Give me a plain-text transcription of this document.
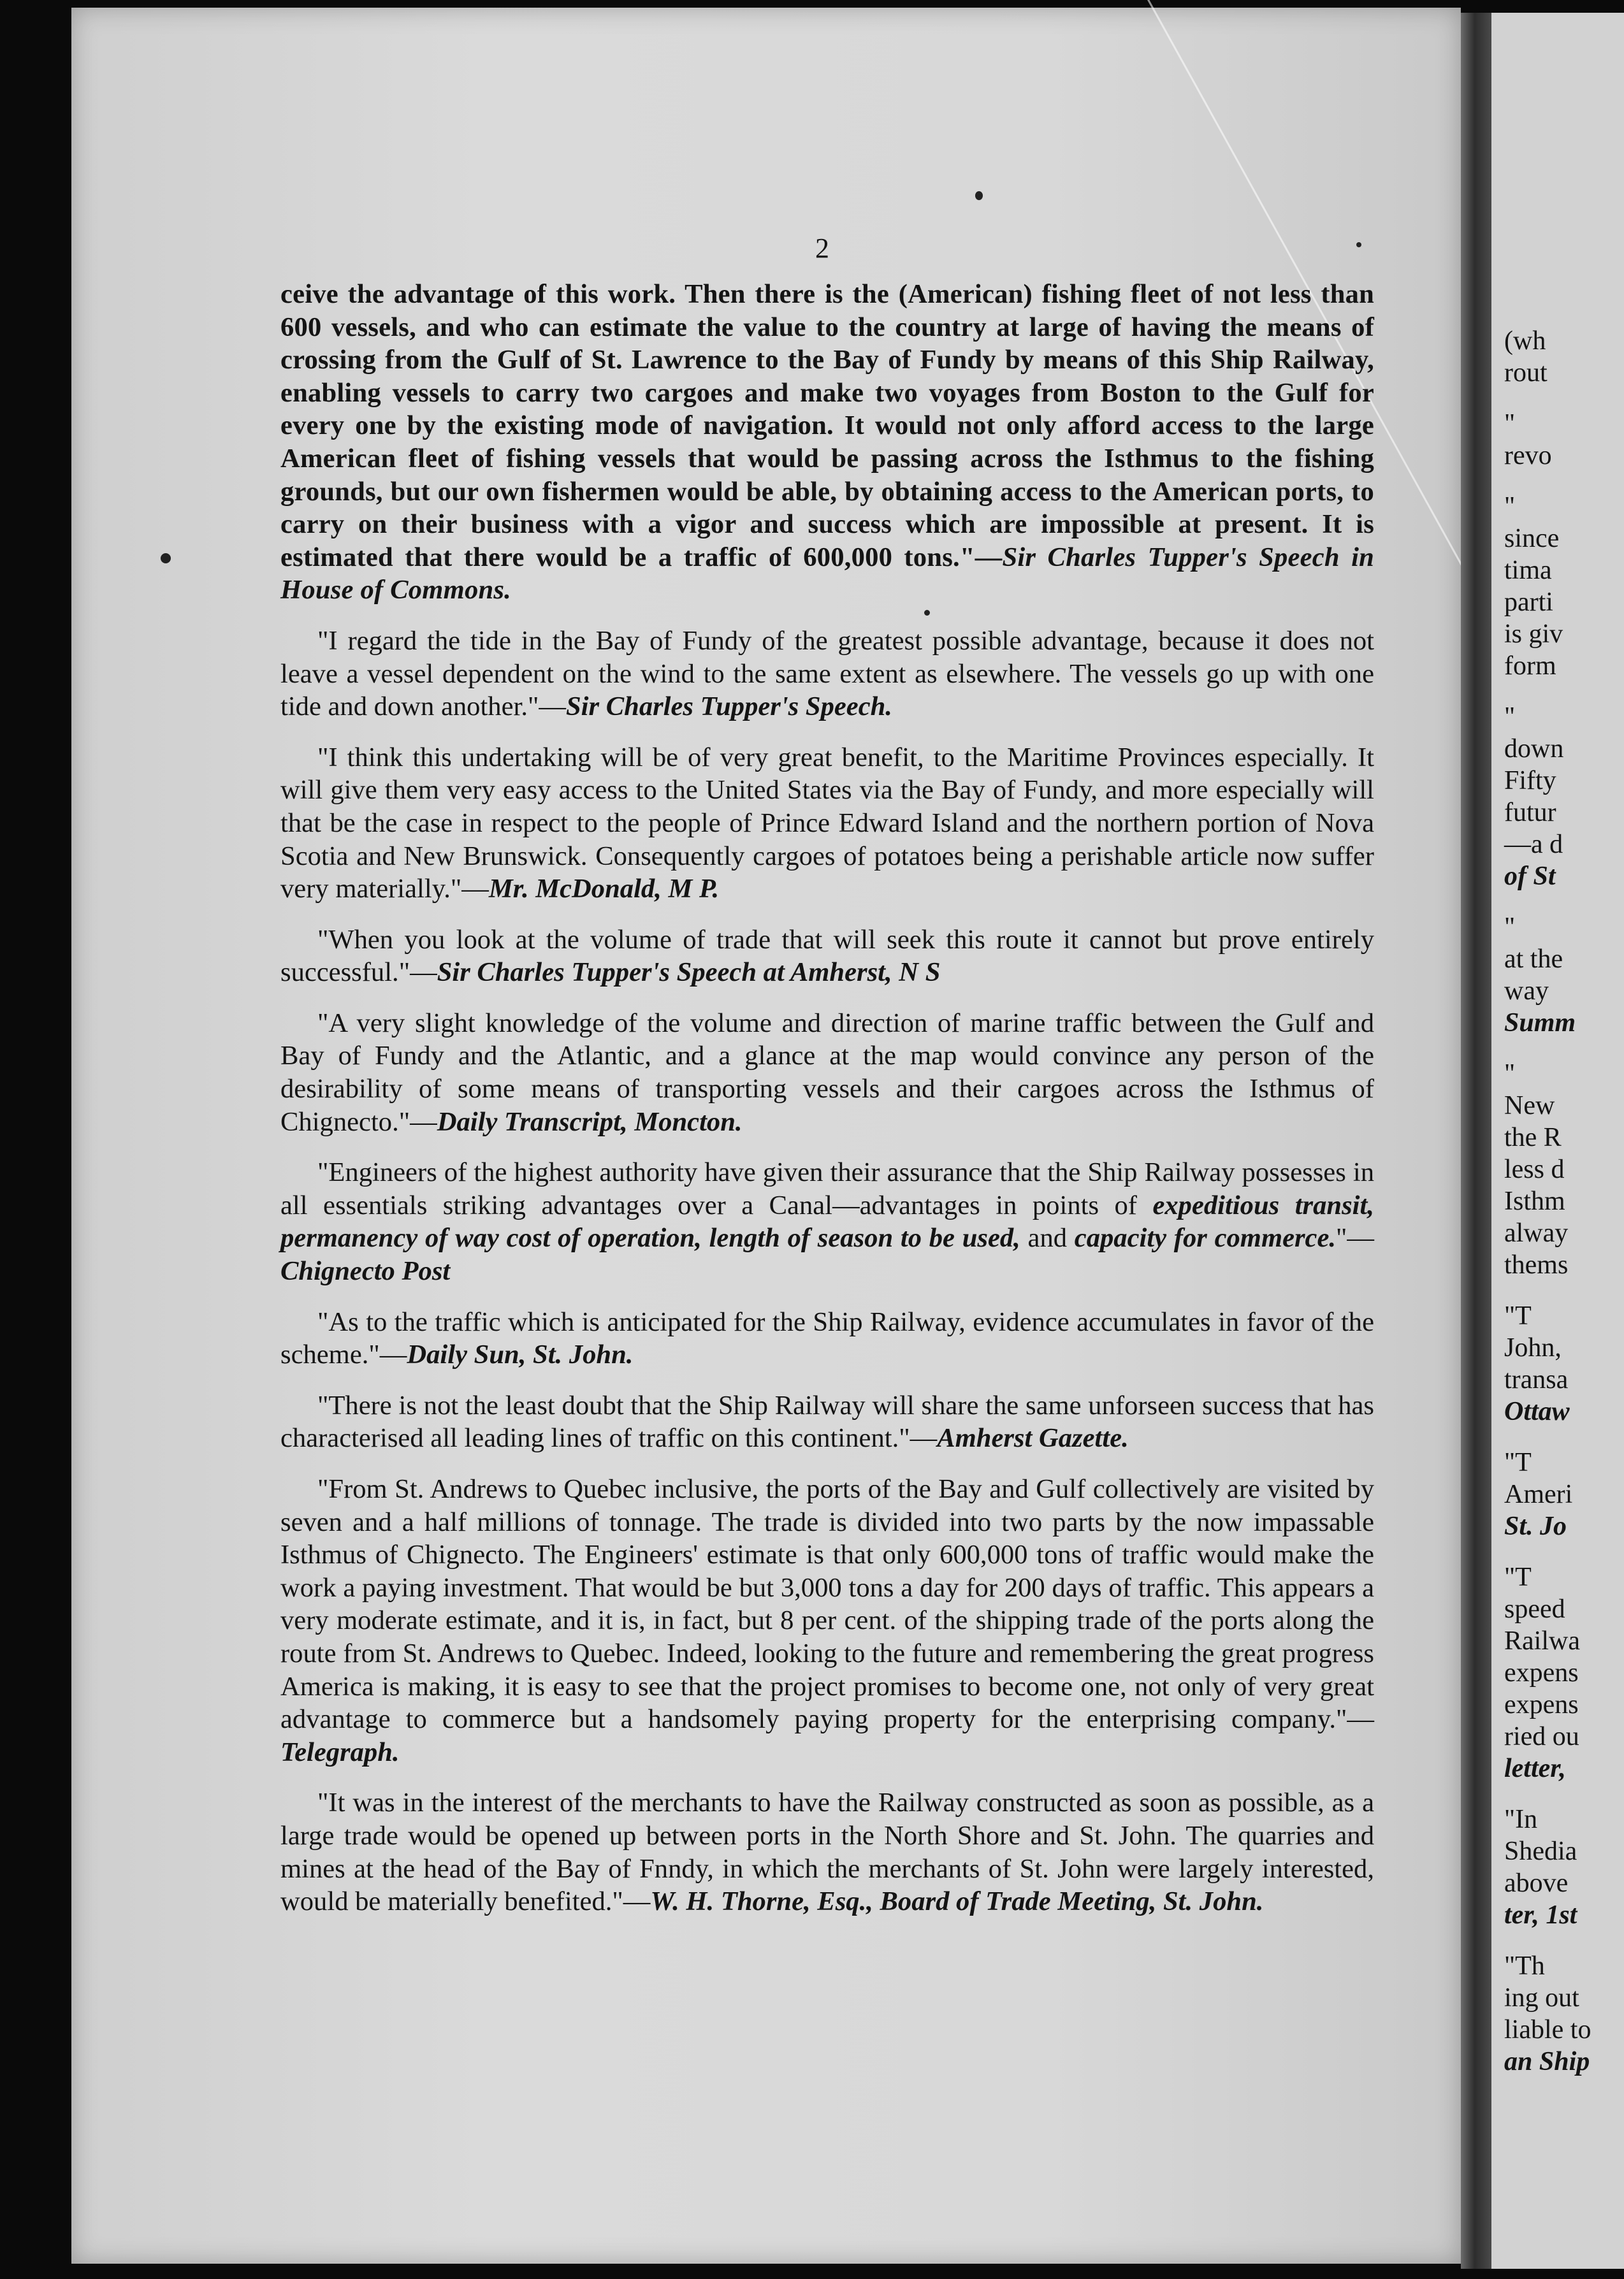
2

ceive the advantage of this work. Then there is the (American) fishing fleet of not less than 600 vessels, and who can estimate the value to the country at large of having the means of crossing from the Gulf of St. Lawrence to the Bay of Fundy by means of this Ship Railway, enabling vessels to carry two cargoes and make two voyages from Boston to the Gulf for every one by the existing mode of navigation. It would not only afford access to the large American fleet of fishing vessels that would be passing across the Isthmus to the fishing grounds, but our own fishermen would be able, by obtaining access to the American ports, to carry on their business with a vigor and success which are impossible at present. It is estimated that there would be a traffic of 600,000 tons."—Sir Charles Tupper's Speech in House of Commons.

"I regard the tide in the Bay of Fundy of the greatest possible advantage, because it does not leave a vessel dependent on the wind to the same extent as elsewhere. The vessels go up with one tide and down another."—Sir Charles Tupper's Speech.

"I think this undertaking will be of very great benefit, to the Maritime Provinces especially. It will give them very easy access to the United States via the Bay of Fundy, and more especially will that be the case in respect to the people of Prince Edward Island and the northern portion of Nova Scotia and New Brunswick. Consequently cargoes of potatoes being a perishable article now suffer very materially."—Mr. McDonald, M P.

"When you look at the volume of trade that will seek this route it cannot but prove entirely successful."—Sir Charles Tupper's Speech at Amherst, N S

"A very slight knowledge of the volume and direction of marine traffic between the Gulf and Bay of Fundy and the Atlantic, and a glance at the map would convince any person of the desirability of some means of transporting vessels and their cargoes across the Isthmus of Chignecto."—Daily Transcript, Moncton.

"Engineers of the highest authority have given their assurance that the Ship Railway possesses in all essentials striking advantages over a Canal—advantages in points of expeditious transit, permanency of way cost of operation, length of season to be used, and capacity for commerce."—Chignecto Post

"As to the traffic which is anticipated for the Ship Railway, evidence accumulates in favor of the scheme."—Daily Sun, St. John.

"There is not the least doubt that the Ship Railway will share the same unforseen success that has characterised all leading lines of traffic on this continent."—Amherst Gazette.

"From St. Andrews to Quebec inclusive, the ports of the Bay and Gulf collectively are visited by seven and a half millions of tonnage. The trade is divided into two parts by the now impassable Isthmus of Chignecto. The Engineers' estimate is that only 600,000 tons of traffic would make the work a paying investment. That would be but 3,000 tons a day for 200 days of traffic. This appears a very moderate estimate, and it is, in fact, but 8 per cent. of the shipping trade of the ports along the route from St. Andrews to Quebec. Indeed, looking to the future and remembering the great progress America is making, it is easy to see that the project promises to become one, not only of very great advantage to commerce but a handsomely paying property for the enterprising company."—Telegraph.

"It was in the interest of the merchants to have the Railway constructed as soon as possible, as a large trade would be opened up between ports in the North Shore and St. John. The quarries and mines at the head of the Bay of Fnndy, in which the merchants of St. John were largely interested, would be materially benefited."—W. H. Thorne, Esq., Board of Trade Meeting, St. John.

(wh
rout
"
revo
"
since
tima
parti
is giv
form
"
down
Fifty
futur
—a d
of St
"
at the
way
Summ
"
New
the R
less d
Isthm
alway
thems
"T
John,
transa
Ottaw
"T
Ameri
St. Jo
"T
speed
Railwa
expens
expens
ried ou
letter,
"In
Shedia
above
ter, 1st
"Th
ing out
liable to
an Ship
